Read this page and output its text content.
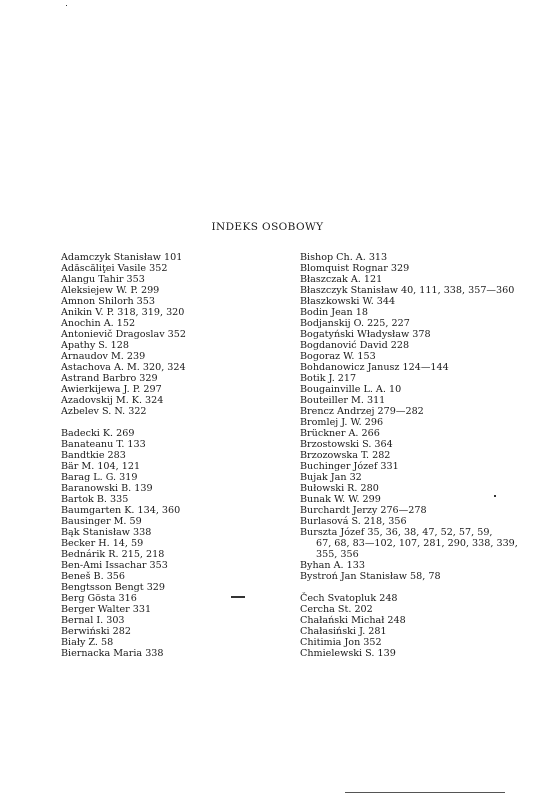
INDEKS OSOBOWY
Adamczyk Stanisław 101
Adăscăliţei Vasile 352
Alangu Tahir 353
Aleksiejew W. P. 299
Amnon Shilorh 353
Anikin V. P. 318, 319, 320
Anochin A. 152
Antonievič Dragoslav 352
Apathy S. 128
Arnaudov M. 239
Astachova A. M. 320, 324
Astrand Barbro 329
Awierkijewa J. P. 297
Azadovskij M. K. 324
Azbelev S. N. 322
Badecki K. 269
Banateanu T. 133
Bandtkie 283
Bär M. 104, 121
Barag L. G. 319
Baranowski B. 139
Bartok B. 335
Baumgarten K. 134, 360
Bausinger M. 59
Bąk Stanisław 338
Becker H. 14, 59
Bednárik R. 215, 218
Ben-Ami Issachar 353
Beneš B. 356
Bengtsson Bengt 329
Berg Gösta 316
Berger Walter 331
Bernal I. 303
Berwiński 282
Biały Z. 58
Biernacka Maria 338
Bishop Ch. A. 313
Blomquist Rognar 329
Błaszczak A. 121
Błaszczyk Stanisław 40, 111, 338, 357—360
Błaszkowski W. 344
Bodin Jean 18
Bodjanskij O. 225, 227
Bogatyński Władysław 378
Bogdanović David 228
Bogoraz W. 153
Bohdanowicz Janusz 124—144
Botik J. 217
Bougainville L. A. 10
Bouteiller M. 311
Brencz Andrzej 279—282
Bromlej J. W. 296
Brückner A. 266
Brzostowski S. 364
Brzozowska T. 282
Buchinger Józef 331
Bujak Jan 32
Bułowski R. 280
Bunak W. W. 299
Burchardt Jerzy 276—278
Burlasová S. 218, 356
Bursztа Józef 35, 36, 38, 47, 52, 57, 59,
67, 68, 83—102, 107, 281, 290, 338, 339,
355, 356
Byhan A. 133
Bystroń Jan Stanisław 58, 78
Čech Svatopluk 248
Cercha St. 202
Chałański Michał 248
Chałasiński J. 281
Chitimia Jon 352
Chmielewski S. 139
